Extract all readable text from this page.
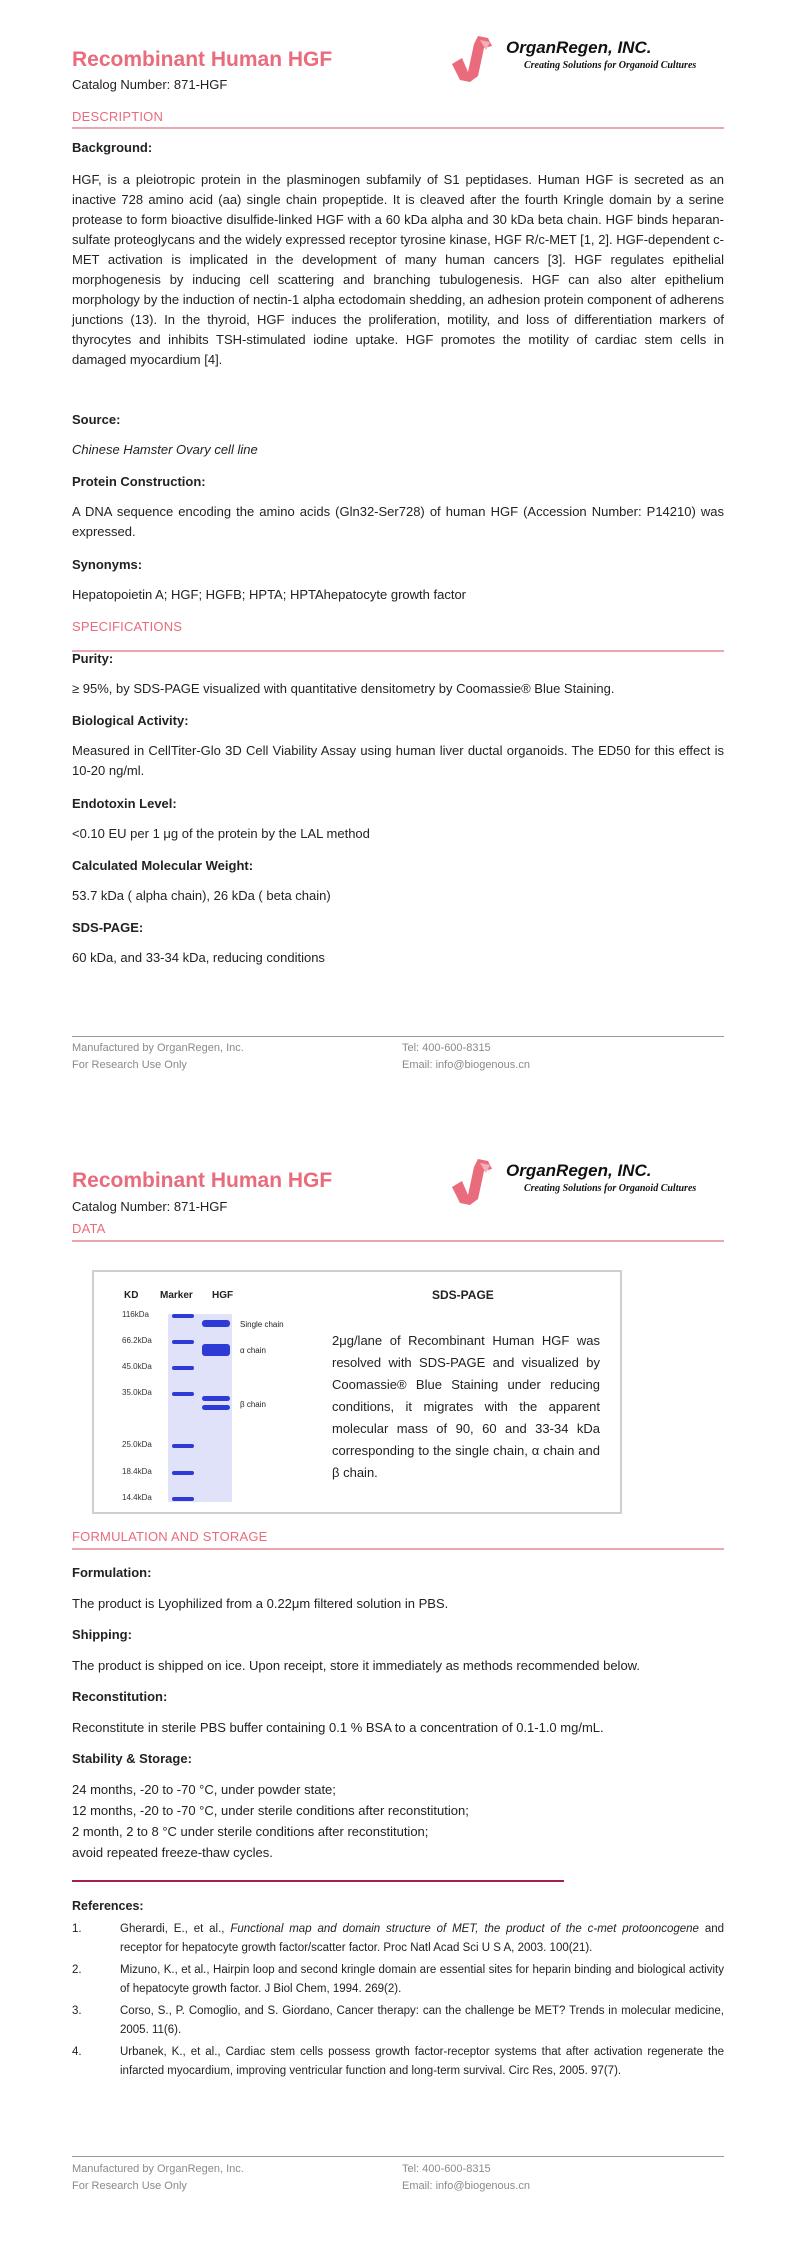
Recombinant Human HGF
Catalog Number: 871-HGF
OrganRegen, INC.
Creating Solutions for Organoid Cultures
DESCRIPTION
Background:

HGF, is a pleiotropic protein in the plasminogen subfamily of S1 peptidases. Human HGF is secreted as an inactive 728 amino acid (aa) single chain propeptide. It is cleaved after the fourth Kringle domain by a serine protease to form bioactive disulfide-linked HGF with a 60 kDa alpha and 30 kDa beta chain. HGF binds heparan-sulfate proteoglycans and the widely expressed receptor tyrosine kinase, HGF R/c-MET [1, 2]. HGF-dependent c-MET activation is implicated in the development of many human cancers [3]. HGF regulates epithelial morphogenesis by inducing cell scattering and branching tubulogenesis. HGF can also alter epithelium morphology by the induction of nectin-1 alpha ectodomain shedding, an adhesion protein component of adherens junctions (13). In the thyroid, HGF induces the proliferation, motility, and loss of differentiation markers of thyrocytes and inhibits TSH-stimulated iodine uptake. HGF promotes the motility of cardiac stem cells in damaged myocardium [4].

Source:
Chinese Hamster Ovary cell line
Protein Construction:

A DNA sequence encoding the amino acids (Gln32-Ser728) of human HGF (Accession Number: P14210) was expressed.

Synonyms:
Hepatopoietin A; HGF; HGFB; HPTA; HPTAhepatocyte growth factor
SPECIFICATIONS
Purity:
≥ 95%, by SDS-PAGE visualized with quantitative densitometry by Coomassie® Blue Staining.
Biological Activity:

Measured in CellTiter-Glo 3D Cell Viability Assay using human liver ductal organoids. The ED50 for this effect is 10-20 ng/ml.

Endotoxin Level:
<0.10 EU per 1 μg of the protein by the LAL method
Calculated Molecular Weight:
53.7 kDa ( alpha chain), 26 kDa ( beta chain)
SDS-PAGE:
60 kDa, and 33-34 kDa, reducing conditions
Manufactured by OrganRegen, Inc.
For Research Use Only
Tel: 400-600-8315
Email: info@biogenous.cn
Recombinant Human HGF
Catalog Number: 871-HGF
OrganRegen, INC.
Creating Solutions for Organoid Cultures
DATA
KD Marker HGF
116kDa
66.2kDa
45.0kDa
35.0kDa
25.0kDa
18.4kDa
14.4kDa
Single chain
α chain
β chain
SDS-PAGE

2μg/lane of Recombinant Human HGF was resolved with SDS-PAGE and visualized by Coomassie® Blue Staining under reducing conditions, it migrates with the apparent molecular mass of 90, 60 and 33-34 kDa corresponding to the single chain, α chain and β chain.

FORMULATION AND STORAGE
Formulation:
The product is Lyophilized from a 0.22μm filtered solution in PBS.
Shipping:
The product is shipped on ice. Upon receipt, store it immediately as methods recommended below.
Reconstitution:
Reconstitute in sterile PBS buffer containing 0.1 % BSA to a concentration of 0.1-1.0 mg/mL.
Stability & Storage:
24 months, -20 to -70 °C, under powder state;
12 months, -20 to -70 °C, under sterile conditions after reconstitution;
2 month, 2 to 8 °C under sterile conditions after reconstitution;
avoid repeated freeze-thaw cycles.
References:
1.	Gherardi, E., et al., Functional map and domain structure of MET, the product of the c-met protooncogene and receptor for hepatocyte growth factor/scatter factor. Proc Natl Acad Sci U S A, 2003. 100(21).

2.	Mizuno, K., et al., Hairpin loop and second kringle domain are essential sites for heparin binding and biological activity of hepatocyte growth factor. J Biol Chem, 1994. 269(2).

3.	Corso, S., P. Comoglio, and S. Giordano, Cancer therapy: can the challenge be MET? Trends in molecular medicine, 2005. 11(6).

4.	Urbanek, K., et al., Cardiac stem cells possess growth factor-receptor systems that after activation regenerate the infarcted myocardium, improving ventricular function and long-term survival. Circ Res, 2005. 97(7).

Manufactured by OrganRegen, Inc.
For Research Use Only
Tel: 400-600-8315
Email: info@biogenous.cn
